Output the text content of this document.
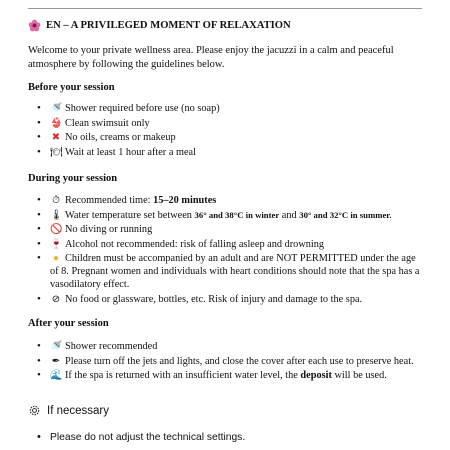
EN – A PRIVILEGED MOMENT OF RELAXATION
Welcome to your private wellness area. Please enjoy the jacuzzi in a calm and peaceful atmosphere by following the guidelines below.
Before your session
• 🚿 Shower required before use (no soap)
• 👙 Clean swimsuit only
• ✖ No oils, creams or makeup
• 🍽 Wait at least 1 hour after a meal
During your session
• ⏱ Recommended time: 15–20 minutes
• 🌡 Water temperature set between 36° and 38°C in winter and 30° and 32°C in summer.
• 🚫 No diving or running
• 🍷 Alcohol not recommended: risk of falling asleep and drowning
• ● Children must be accompanied by an adult and are NOT PERMITTED under the age of 8. Pregnant women and individuals with heart conditions should note that the spa has a vasodilatory effect.
• ⊘ No food or glassware, bottles, etc. Risk of injury and damage to the spa.
After your session
• 🚿 Shower recommended
• ✒ Please turn off the jets and lights, and close the cover after each use to preserve heat.
• 🌊 If the spa is returned with an insufficient water level, the deposit will be used.
If necessary
• Please do not adjust the technical settings.
